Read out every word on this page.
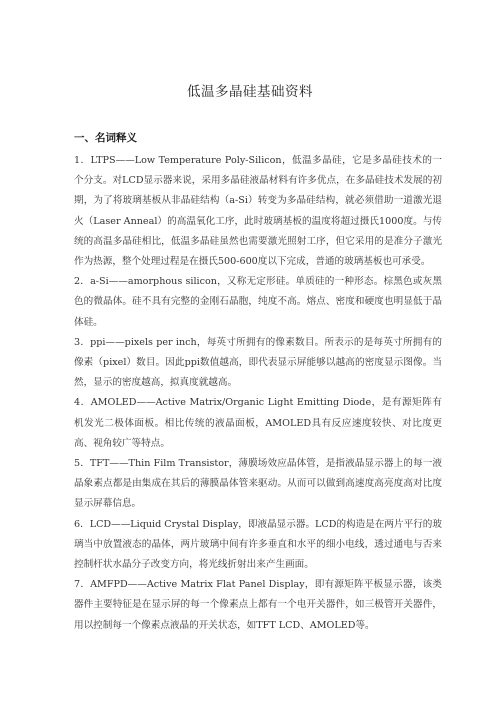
低温多晶硅基础资料
一、名词释义

1．LTPS——Low Temperature Poly-Silicon，低温多晶硅，它是多晶硅技术的一个分支。对LCD显示器来说，采用多晶硅液晶材料有许多优点，在多晶硅技术发展的初期，为了将玻璃基板从非晶硅结构（a-Si）转变为多晶硅结构，就必须借助一道激光退火（Laser Anneal）的高温氧化工序，此时玻璃基板的温度将超过摄氏1000度。与传统的高温多晶硅相比，低温多晶硅虽然也需要激光照射工序，但它采用的是准分子激光作为热源，整个处理过程是在摄氏500-600度以下完成，普通的玻璃基板也可承受。

2．a-Si——amorphous silicon，又称无定形硅。单质硅的一种形态。棕黑色或灰黑色的微晶体。硅不具有完整的金刚石晶胞，纯度不高。熔点、密度和硬度也明显低于晶体硅。

3．ppi——pixels per inch，每英寸所拥有的像素数目。所表示的是每英寸所拥有的像素（pixel）数目。因此ppi数值越高，即代表显示屏能够以越高的密度显示图像。当然，显示的密度越高，拟真度就越高。

4．AMOLED——Active Matrix/Organic Light Emitting Diode，是有源矩阵有机发光二极体面板。相比传统的液晶面板，AMOLED具有反应速度较快、对比度更高、视角较广等特点。

5．TFT——Thin Film Transistor，薄膜场效应晶体管，是指液晶显示器上的每一液晶象素点都是由集成在其后的薄膜晶体管来驱动。从而可以做到高速度高亮度高对比度显示屏幕信息。

6．LCD——Liquid Crystal Display，即液晶显示器。LCD的构造是在两片平行的玻璃当中放置液态的晶体，两片玻璃中间有许多垂直和水平的细小电线，透过通电与否来控制杆状水晶分子改变方向，将光线折射出来产生画面。

7．AMFPD——Active Matrix Flat Panel Display，即有源矩阵平板显示器，该类器件主要特征是在显示屏的每一个像素点上都有一个电开关器件，如三极管开关器件，用以控制每一个像素点液晶的开关状态，如TFT LCD、AMOLED等。
